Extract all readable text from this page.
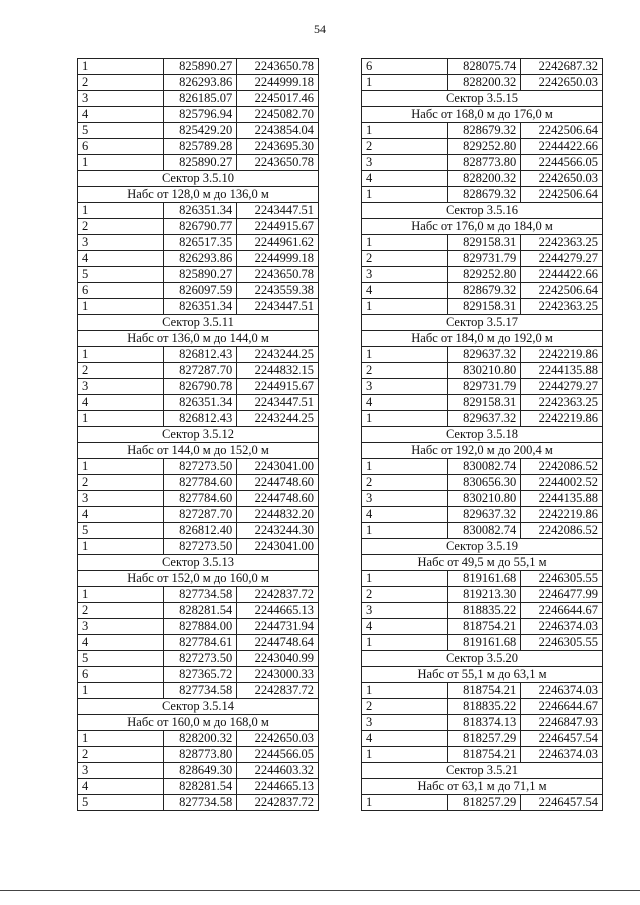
54
1	825890.27	2243650.78
2	826293.86	2244999.18
3	826185.07	2245017.46
4	825796.94	2245082.70
5	825429.20	2243854.04
6	825789.28	2243695.30
1	825890.27	2243650.78
Сектор 3.5.10		
Набс от 128,0 м до 136,0 м		
1	826351.34	2243447.51
2	826790.77	2244915.67
3	826517.35	2244961.62
4	826293.86	2244999.18
5	825890.27	2243650.78
6	826097.59	2243559.38
1	826351.34	2243447.51
Сектор 3.5.11		
Набс от 136,0 м до 144,0 м		
1	826812.43	2243244.25
2	827287.70	2244832.15
3	826790.78	2244915.67
4	826351.34	2243447.51
1	826812.43	2243244.25
Сектор 3.5.12		
Набс от 144,0 м до 152,0 м		
1	827273.50	2243041.00
2	827784.60	2244748.60
3	827784.60	2244748.60
4	827287.70	2244832.20
5	826812.40	2243244.30
1	827273.50	2243041.00
Сектор 3.5.13		
Набс от 152,0 м до 160,0 м		
1	827734.58	2242837.72
2	828281.54	2244665.13
3	827884.00	2244731.94
4	827784.61	2244748.64
5	827273.50	2243040.99
6	827365.72	2243000.33
1	827734.58	2242837.72
Сектор 3.5.14		
Набс от 160,0 м до 168,0 м		
1	828200.32	2242650.03
2	828773.80	2244566.05
3	828649.30	2244603.32
4	828281.54	2244665.13
5	827734.58	2242837.72
6	828075.74	2242687.32
1	828200.32	2242650.03
Сектор 3.5.15		
Набс от 168,0 м до 176,0 м		
1	828679.32	2242506.64
2	829252.80	2244422.66
3	828773.80	2244566.05
4	828200.32	2242650.03
1	828679.32	2242506.64
Сектор 3.5.16		
Набс от 176,0 м до 184,0 м		
1	829158.31	2242363.25
2	829731.79	2244279.27
3	829252.80	2244422.66
4	828679.32	2242506.64
1	829158.31	2242363.25
Сектор 3.5.17		
Набс от 184,0 м до 192,0 м		
1	829637.32	2242219.86
2	830210.80	2244135.88
3	829731.79	2244279.27
4	829158.31	2242363.25
1	829637.32	2242219.86
Сектор 3.5.18		
Набс от 192,0 м до 200,4 м		
1	830082.74	2242086.52
2	830656.30	2244002.52
3	830210.80	2244135.88
4	829637.32	2242219.86
1	830082.74	2242086.52
Сектор 3.5.19		
Набс от 49,5 м до 55,1 м		
1	819161.68	2246305.55
2	819213.30	2246477.99
3	818835.22	2246644.67
4	818754.21	2246374.03
1	819161.68	2246305.55
Сектор 3.5.20		
Набс от 55,1 м до 63,1 м		
1	818754.21	2246374.03
2	818835.22	2246644.67
3	818374.13	2246847.93
4	818257.29	2246457.54
1	818754.21	2246374.03
Сектор 3.5.21		
Набс от 63,1 м до 71,1 м		
1	818257.29	2246457.54
